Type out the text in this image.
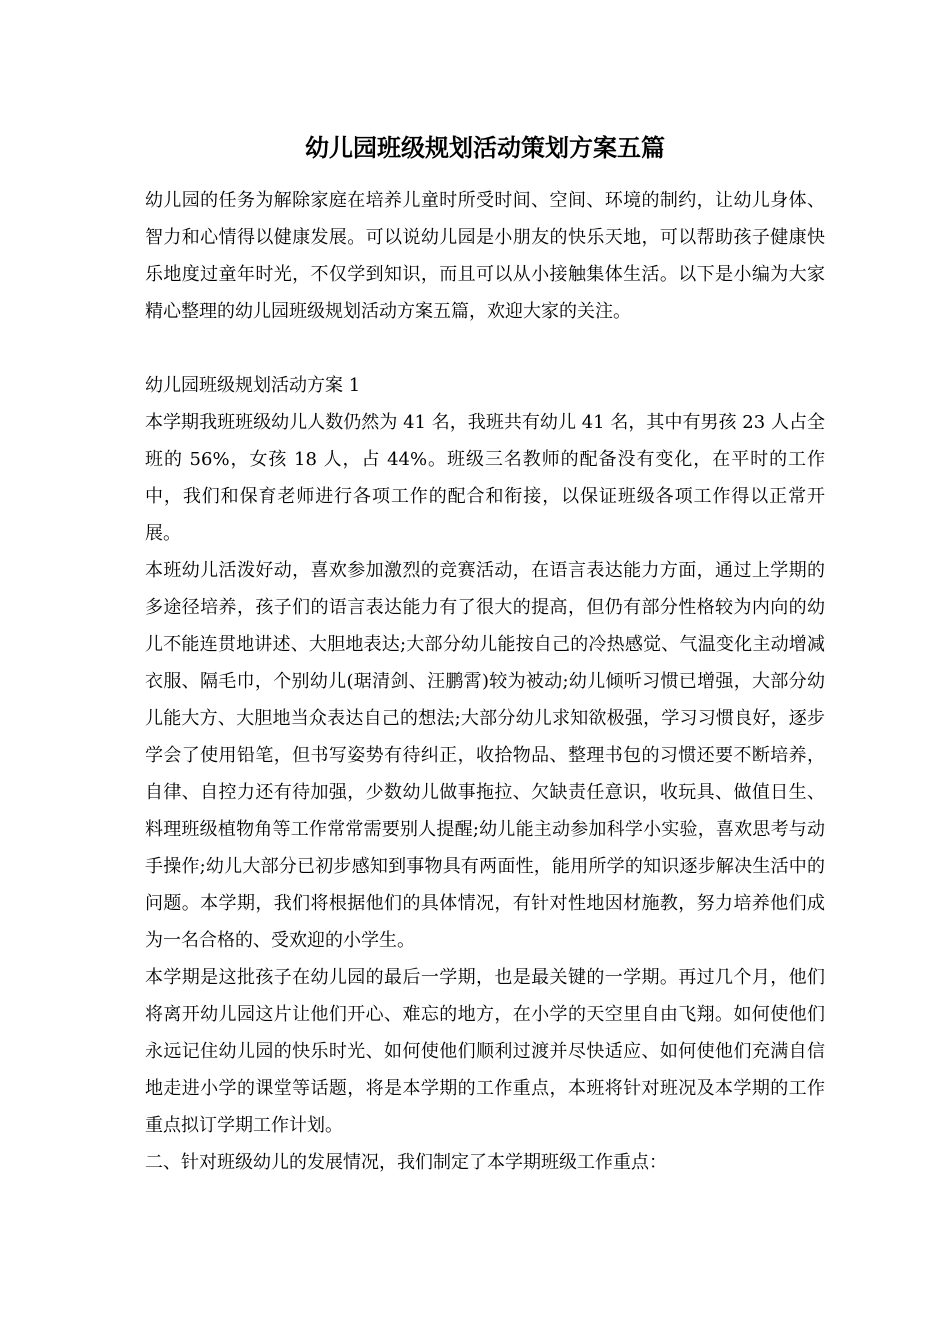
幼儿园班级规划活动策划方案五篇

幼儿园的任务为解除家庭在培养儿童时所受时间、空间、环境的制约，让幼儿身体、智力和心情得以健康发展。可以说幼儿园是小朋友的快乐天地，可以帮助孩子健康快乐地度过童年时光，不仅学到知识，而且可以从小接触集体生活。以下是小编为大家精心整理的幼儿园班级规划活动方案五篇，欢迎大家的关注。

幼儿园班级规划活动方案 1

本学期我班班级幼儿人数仍然为 41 名，我班共有幼儿 41 名，其中有男孩 23 人占全班的 56%，女孩 18 人，占 44%。班级三名教师的配备没有变化，在平时的工作中，我们和保育老师进行各项工作的配合和衔接，以保证班级各项工作得以正常开展。

本班幼儿活泼好动，喜欢参加激烈的竞赛活动，在语言表达能力方面，通过上学期的多途径培养，孩子们的语言表达能力有了很大的提高，但仍有部分性格较为内向的幼儿不能连贯地讲述、大胆地表达;大部分幼儿能按自己的冷热感觉、气温变化主动增减衣服、隔毛巾，个别幼儿(琚清剑、汪鹏霄)较为被动;幼儿倾听习惯已增强，大部分幼儿能大方、大胆地当众表达自己的想法;大部分幼儿求知欲极强，学习习惯良好，逐步学会了使用铅笔，但书写姿势有待纠正，收拾物品、整理书包的习惯还要不断培养，自律、自控力还有待加强，少数幼儿做事拖拉、欠缺责任意识，收玩具、做值日生、料理班级植物角等工作常常需要别人提醒;幼儿能主动参加科学小实验，喜欢思考与动手操作;幼儿大部分已初步感知到事物具有两面性，能用所学的知识逐步解决生活中的问题。本学期，我们将根据他们的具体情况，有针对性地因材施教，努力培养他们成为一名合格的、受欢迎的小学生。

本学期是这批孩子在幼儿园的最后一学期，也是最关键的一学期。再过几个月，他们将离开幼儿园这片让他们开心、难忘的地方，在小学的天空里自由飞翔。如何使他们永远记住幼儿园的快乐时光、如何使他们顺利过渡并尽快适应、如何使他们充满自信地走进小学的课堂等话题，将是本学期的工作重点，本班将针对班况及本学期的工作重点拟订学期工作计划。

二、针对班级幼儿的发展情况，我们制定了本学期班级工作重点：
